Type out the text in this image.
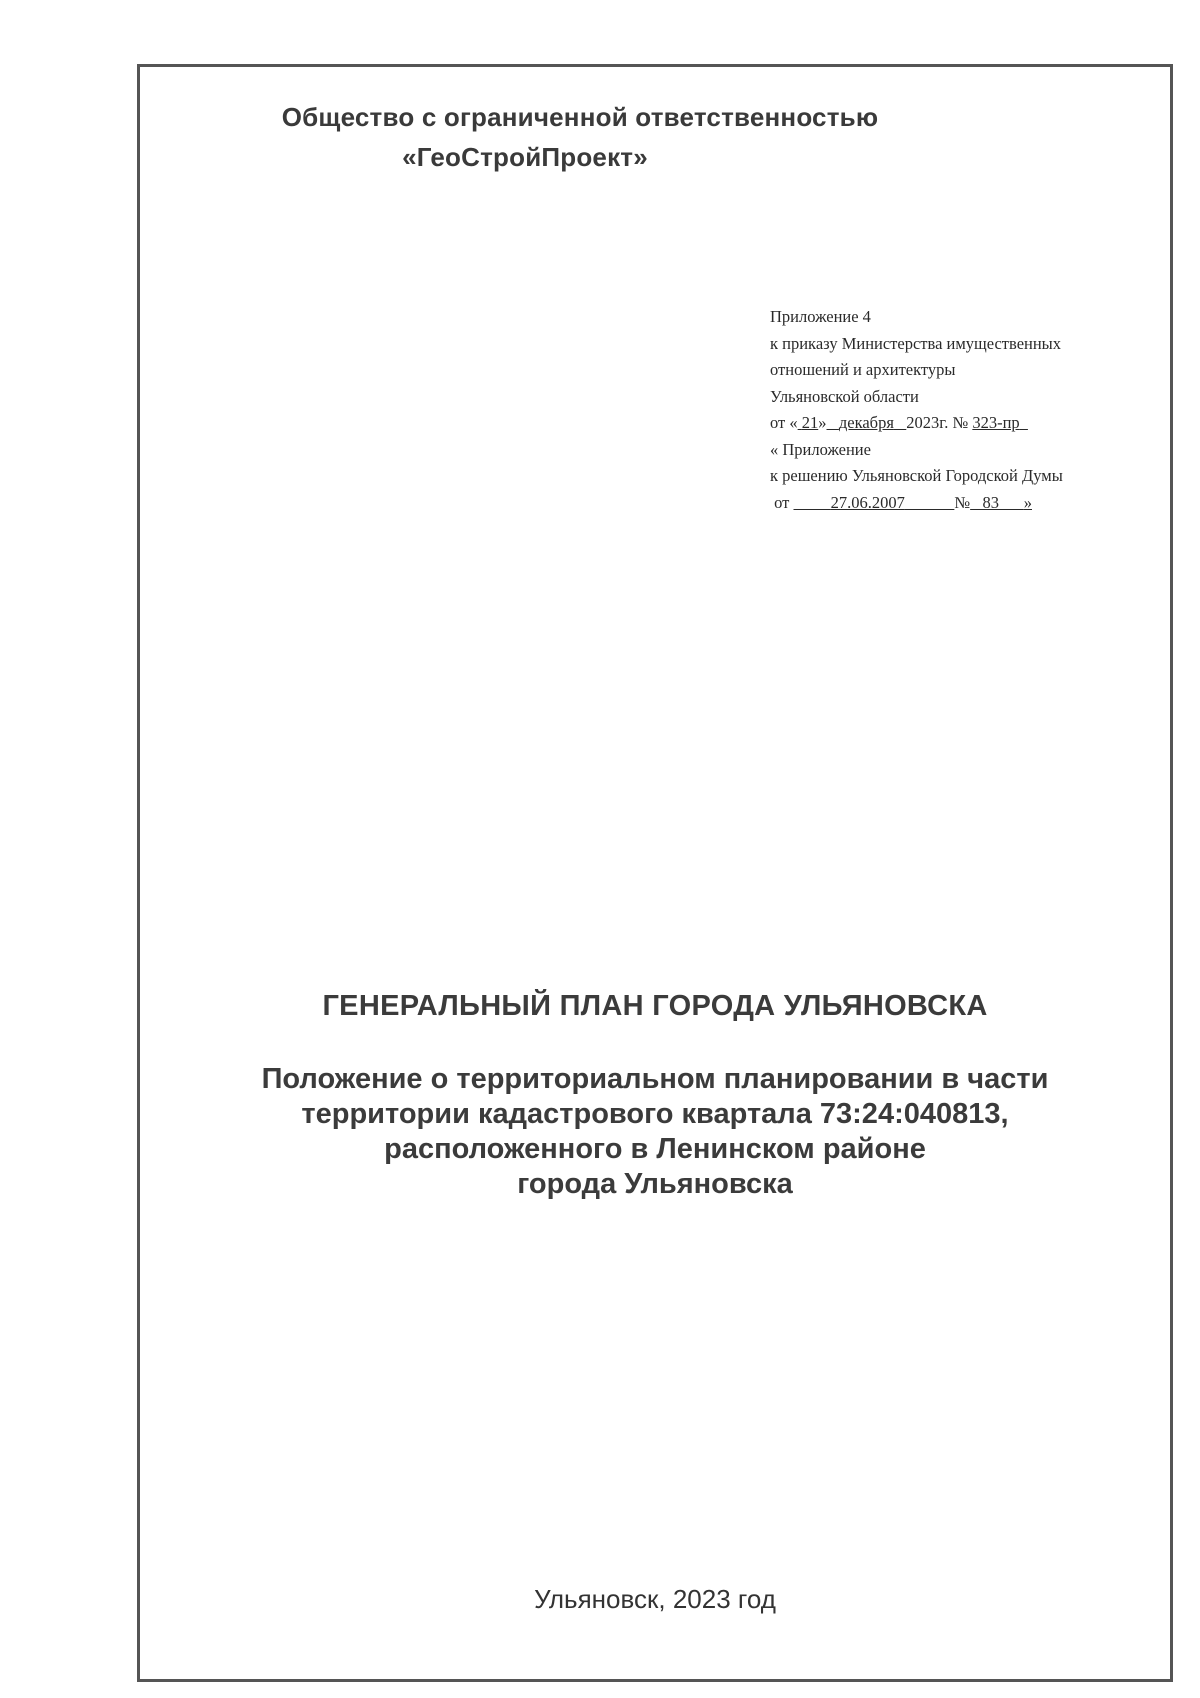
Общество с ограниченной ответственностью
«ГеоСтройПроект»
Приложение 4
к приказу Министерства имущественных
отношений и архитектуры
Ульяновской области
от « 21» декабря 2023г. № 323-пр
« Приложение
к решению Ульяновской Городской Думы
от	27.06.2007	№ 83 »
ГЕНЕРАЛЬНЫЙ ПЛАН ГОРОДА УЛЬЯНОВСКА
Положение о территориальном планировании в части
территории кадастрового квартала 73:24:040813,
расположенного в Ленинском районе
города Ульяновска
Ульяновск, 2023 год
